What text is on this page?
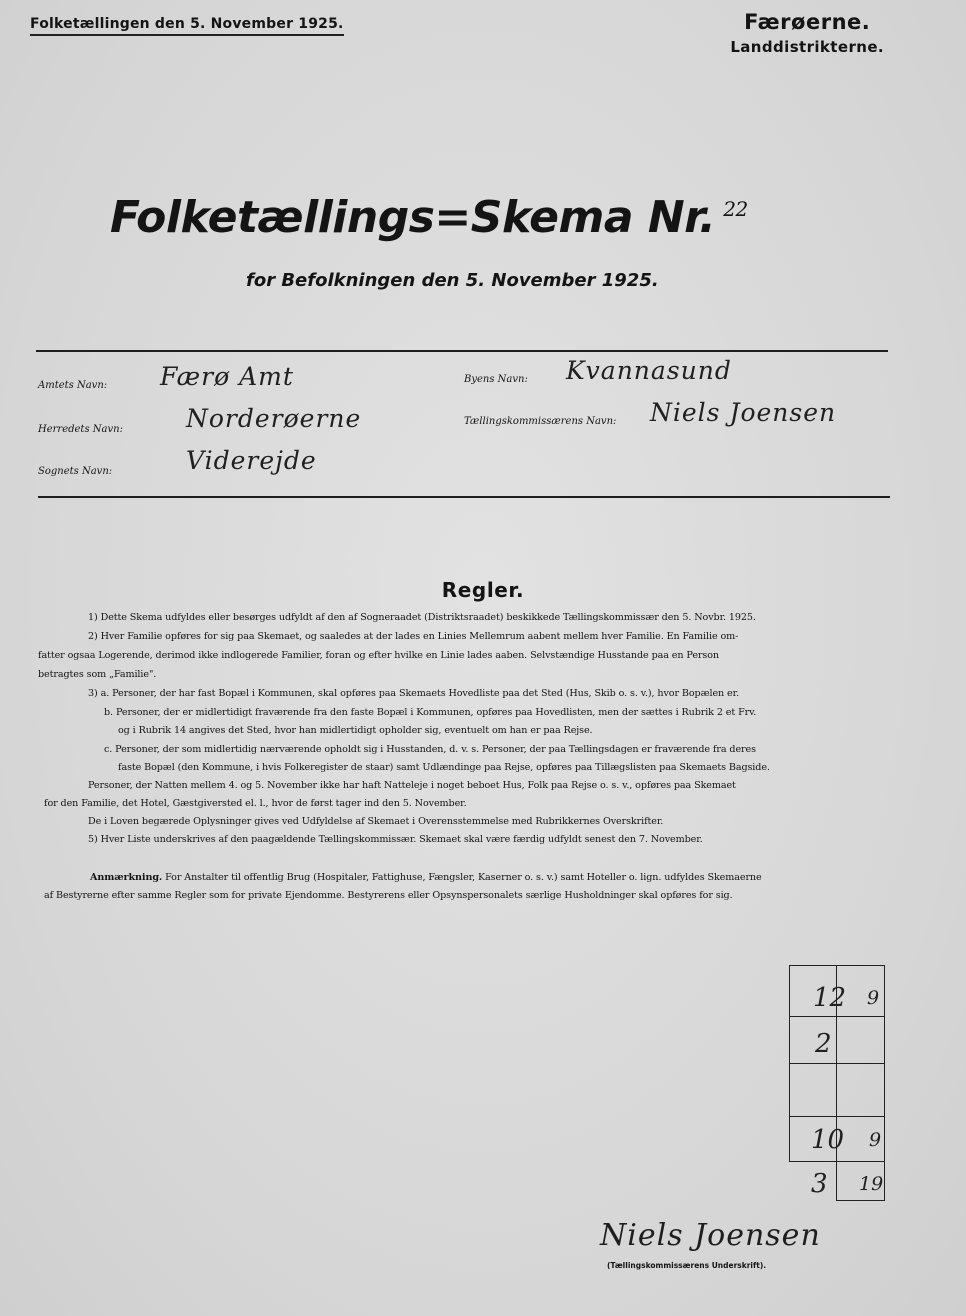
Folketællingen den 5. November 1925.	Færøerne.
Landdistrikterne.
Folketællings=Skema Nr. $^{22}$
for Befolkningen den 5. November 1925.
Amtets Navn: Færø Amt
Herredets Navn:	Norderøerne
Sognets Navn:	Viderejde
Byens Navn: Kvannasund
Tællingskommissærens Navn: Niels Joensen
Regler.
1) Dette Skema udfyldes eller besørges udfyldt af den af Sogneraadet (Distriktsraadet) beskikkede Tællingskommissær den 5. Novbr. 1925.
2) Hver Familie opføres for sig paa Skemaet, og saaledes at der lades en Linies Mellemrum aabent mellem hver Familie. En Familie om-
fatter ogsaa Logerende, derimod ikke indlogerede Familier, foran og efter hvilke en Linie lades aaben. Selvstændige Husstande paa en Person
betragtes som „Familie".
3) a. Personer, der har fast Bopæl i Kommunen, skal opføres paa Skemaets Hovedliste paa det Sted (Hus, Skib o. s. v.), hvor Bopælen er.
b. Personer, der er midlertidigt fraværende fra den faste Bopæl i Kommunen, opføres paa Hovedlisten, men der sættes i Rubrik 2 et Frv.
og i Rubrik 14 angives det Sted, hvor han midlertidigt opholder sig, eventuelt om han er paa Rejse.
c. Personer, der som midlertidig nærværende opholdt sig i Husstanden, d. v. s. Personer, der paa Tællingsdagen er fraværende fra deres
faste Bopæl (den Kommune, i hvis Folkeregister de staar) samt Udlændinge paa Rejse, opføres paa Tillægslisten paa Skemaets Bagside.
Personer, der Natten mellem 4. og 5. November ikke har haft Natteleje i noget beboet Hus, Folk paa Rejse o. s. v., opføres paa Skemaet
for den Familie, det Hotel, Gæstgiversted el. l., hvor de først tager ind den 5. November.
De i Loven begærede Oplysninger gives ved Udfyldelse af Skemaet i Overensstemmelse med Rubrikkernes Overskrifter.
5) Hver Liste underskrives af den paagældende Tællingskommissær. Skemaet skal være færdig udfyldt senest den 7. November.
Anmærkning. For Anstalter til offentlig Brug (Hospitaler, Fattighuse, Fængsler, Kaserner o. s. v.) samt Hoteller o. lign. udfyldes Skemaerne
af Bestyrerne efter samme Regler som for private Ejendomme. Bestyrerens eller Opsynspersonalets særlige Husholdninger skal opføres for sig.
12 9
2
10 9
3 19
Niels Joensen
(Tællingskommissærens Underskrift).
